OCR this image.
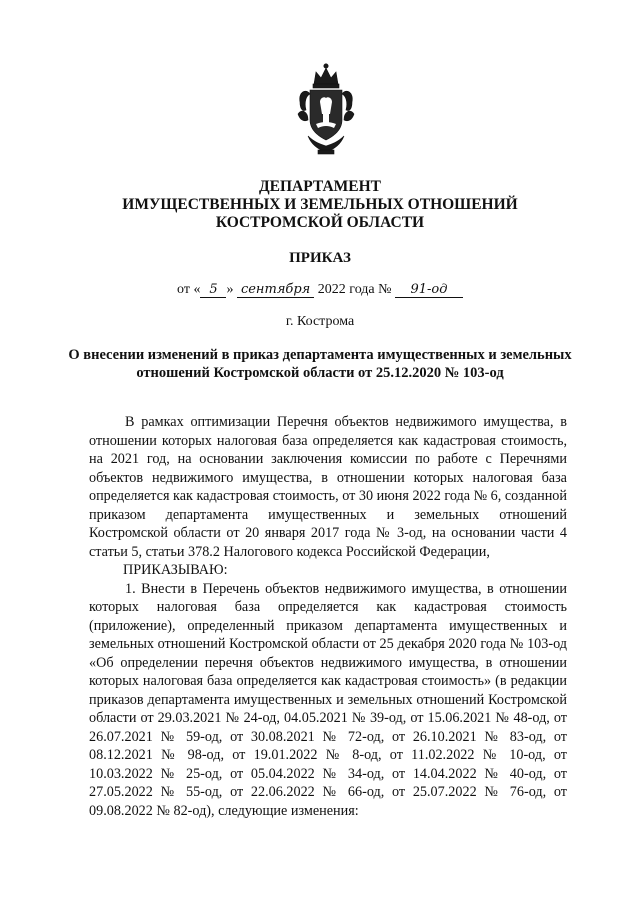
ДЕПАРТАМЕНТ
ИМУЩЕСТВЕННЫХ И ЗЕМЕЛЬНЫХ ОТНОШЕНИЙ
КОСТРОМСКОЙ ОБЛАСТИ
ПРИКАЗ
от « 5 » сентября 2022 года № 91-од
г. Кострома
О внесении изменений в приказ департамента имущественных и земельных отношений Костромской области от 25.12.2020 № 103-од

В рамках оптимизации Перечня объектов недвижимого имущества, в отношении которых налоговая база определяется как кадастровая стоимость, на 2021 год, на основании заключения комиссии по работе с Перечнями объектов недвижимого имущества, в отношении которых налоговая база определяется как кадастровая стоимость, от 30 июня 2022 года № 6, созданной приказом департамента имущественных и земельных отношений Костромской области от 20 января 2017 года № 3-од, на основании части 4 статьи 5, статьи 378.2 Налогового кодекса Российской Федерации,

ПРИКАЗЫВАЮ:

1. Внести в Перечень объектов недвижимого имущества, в отношении которых налоговая база определяется как кадастровая стоимость (приложение), определенный приказом департамента имущественных и земельных отношений Костромской области от 25 декабря 2020 года № 103-од «Об определении перечня объектов недвижимого имущества, в отношении которых налоговая база определяется как кадастровая стоимость» (в редакции приказов департамента имущественных и земельных отношений Костромской области от 29.03.2021 № 24-од, 04.05.2021 № 39-од, от 15.06.2021 № 48-од, от 26.07.2021 № 59-од, от 30.08.2021 № 72-од, от 26.10.2021 № 83-од, от 08.12.2021 № 98-од, от 19.01.2022 № 8-од, от 11.02.2022 № 10-од, от 10.03.2022 № 25-од, от 05.04.2022 № 34-од, от 14.04.2022 № 40-од, от 27.05.2022 № 55-од, от 22.06.2022 № 66-од, от 25.07.2022 № 76-од, от 09.08.2022 № 82-од), следующие изменения:
